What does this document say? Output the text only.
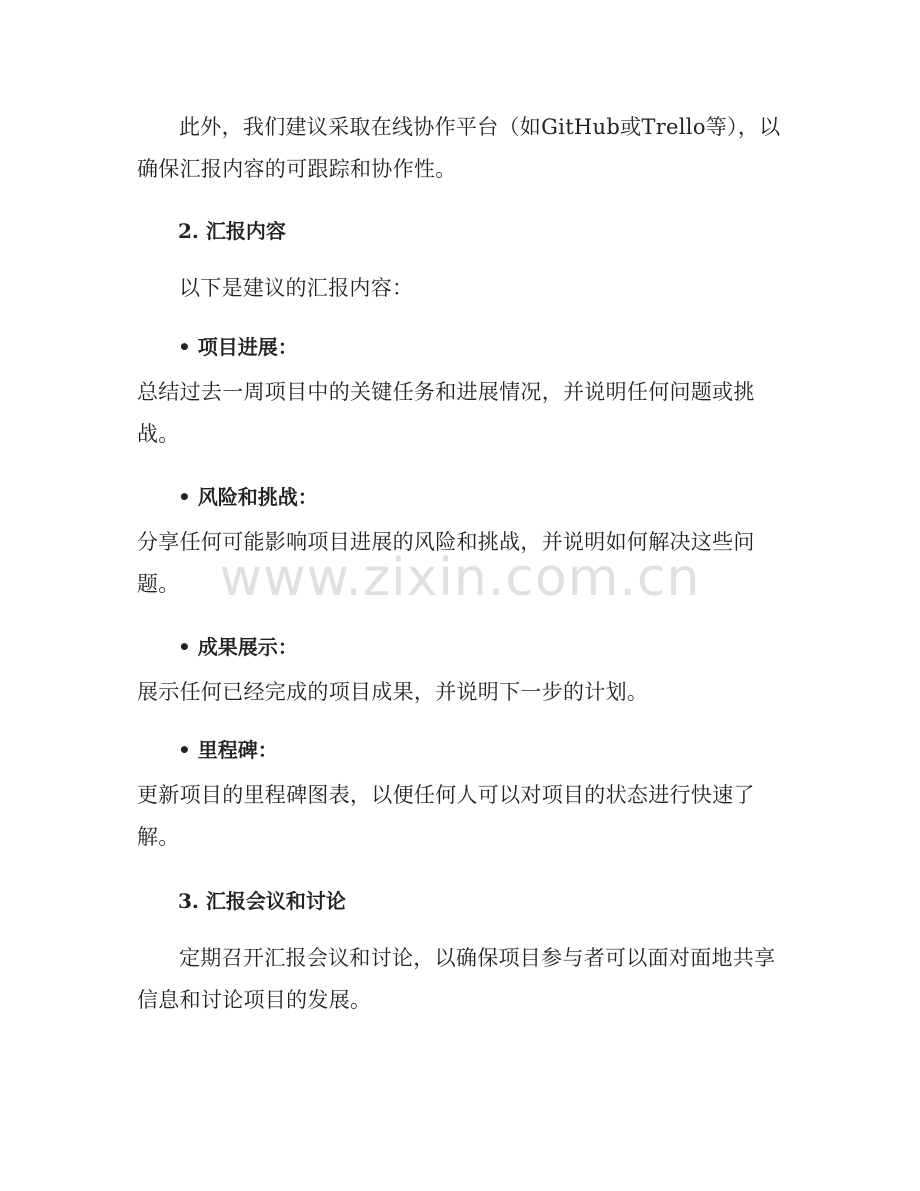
此外，我们建议采取在线协作平台（如GitHub或Trello等），以确保汇报内容的可跟踪和协作性。

2. 汇报内容

以下是建议的汇报内容：

• 项目进展：

总结过去一周项目中的关键任务和进展情况，并说明任何问题或挑战。

• 风险和挑战：

分享任何可能影响项目进展的风险和挑战，并说明如何解决这些问题。

• 成果展示：

展示任何已经完成的项目成果，并说明下一步的计划。

• 里程碑：

更新项目的里程碑图表，以便任何人可以对项目的状态进行快速了解。

3. 汇报会议和讨论

定期召开汇报会议和讨论，以确保项目参与者可以面对面地共享信息和讨论项目的发展。

www.zixin.com.cn
